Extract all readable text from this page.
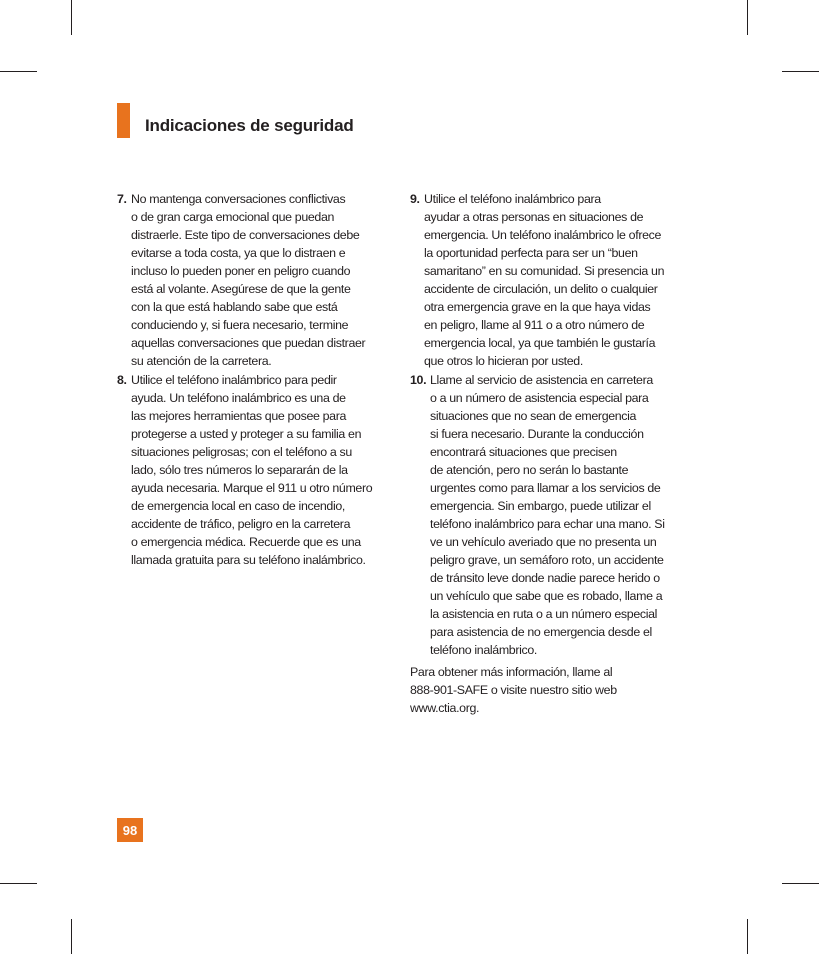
Indicaciones de seguridad
7. No mantenga conversaciones conflictivas
o de gran carga emocional que puedan
distraerle. Este tipo de conversaciones debe
evitarse a toda costa, ya que lo distraen e
incluso lo pueden poner en peligro cuando
está al volante. Asegúrese de que la gente
con la que está hablando sabe que está
conduciendo y, si fuera necesario, termine
aquellas conversaciones que puedan distraer
su atención de la carretera.
8. Utilice el teléfono inalámbrico para pedir
ayuda. Un teléfono inalámbrico es una de
las mejores herramientas que posee para
protegerse a usted y proteger a su familia en
situaciones peligrosas; con el teléfono a su
lado, sólo tres números lo separarán de la
ayuda necesaria. Marque el 911 u otro número
de emergencia local en caso de incendio,
accidente de tráfico, peligro en la carretera
o emergencia médica. Recuerde que es una
llamada gratuita para su teléfono inalámbrico.
9. Utilice el teléfono inalámbrico para
ayudar a otras personas en situaciones de
emergencia. Un teléfono inalámbrico le ofrece
la oportunidad perfecta para ser un “buen
samaritano” en su comunidad. Si presencia un
accidente de circulación, un delito o cualquier
otra emergencia grave en la que haya vidas
en peligro, llame al 911 o a otro número de
emergencia local, ya que también le gustaría
que otros lo hicieran por usted.
10. Llame al servicio de asistencia en carretera
o a un número de asistencia especial para
situaciones que no sean de emergencia
si fuera necesario. Durante la conducción
encontrará situaciones que precisen
de atención, pero no serán lo bastante
urgentes como para llamar a los servicios de
emergencia. Sin embargo, puede utilizar el
teléfono inalámbrico para echar una mano. Si
ve un vehículo averiado que no presenta un
peligro grave, un semáforo roto, un accidente
de tránsito leve donde nadie parece herido o
un vehículo que sabe que es robado, llame a
la asistencia en ruta o a un número especial
para asistencia de no emergencia desde el
teléfono inalámbrico.
Para obtener más información, llame al
888-901-SAFE o visite nuestro sitio web
www.ctia.org.
98
